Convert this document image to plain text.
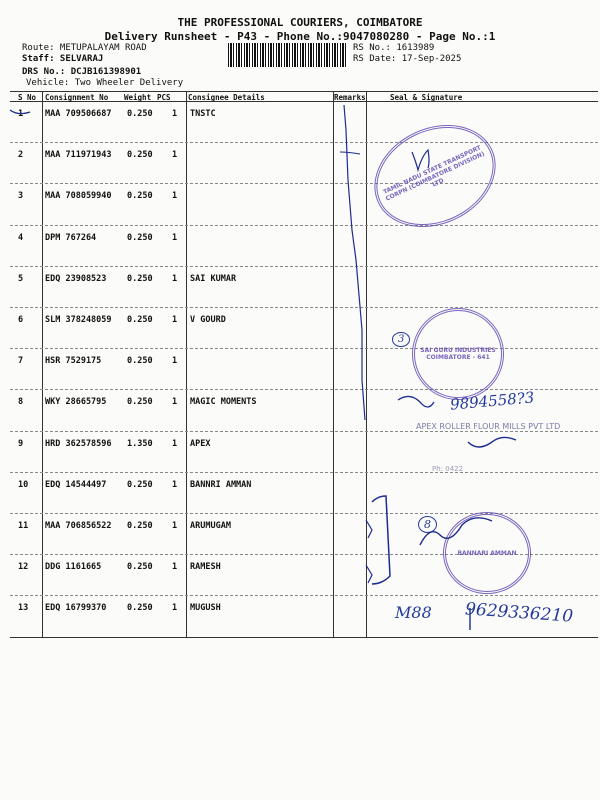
THE PROFESSIONAL COURIERS, COIMBATORE
Delivery Runsheet - P43 - Phone No.:9047080280 - Page No.:1
Route: METUPALAYAM ROAD
Staff: SELVARAJ
DRS No.: DCJB161398901
Vehicle: Two Wheeler Delivery
RS No.: 1613989
RS Date: 17-Sep-2025
S No Consignment No Weight PCS Consignee Details	Remarks	Seal & Signature
1	MAA 709506687 0.250 1 TNSTC
2	MAA 711971943 0.250 1
3	MAA 708059940 0.250 1
4	DPM 767264	0.250 1
5	EDQ 23908523 0.250 1 SAI KUMAR
6	SLM 378248059 0.250 1 V GOURD
7	HSR 7529175	0.250 1
8	WKY 28665795 0.250 1 MAGIC MOMENTS
9	HRD 362578596 1.350 1 APEX
10 EDQ 14544497 0.250 1 BANNRI AMMAN
11 MAA 706856522 0.250 1 ARUMUGAM
12 DDG 1161665	0.250 1 RAMESH
13 EDQ 16799370 0.250 1 MUGUSH
TAMIL NADU STATE TRANSPORT CORPN (COIMBATORE DIVISION) LTD
SAI GURU INDUSTRIES COIMBATORE - 641
BANNARI AMMAN
3
8
9894558?3
APEX ROLLER FLOUR MILLS PVT LTD
Ph: 0422
M88 9629336210
